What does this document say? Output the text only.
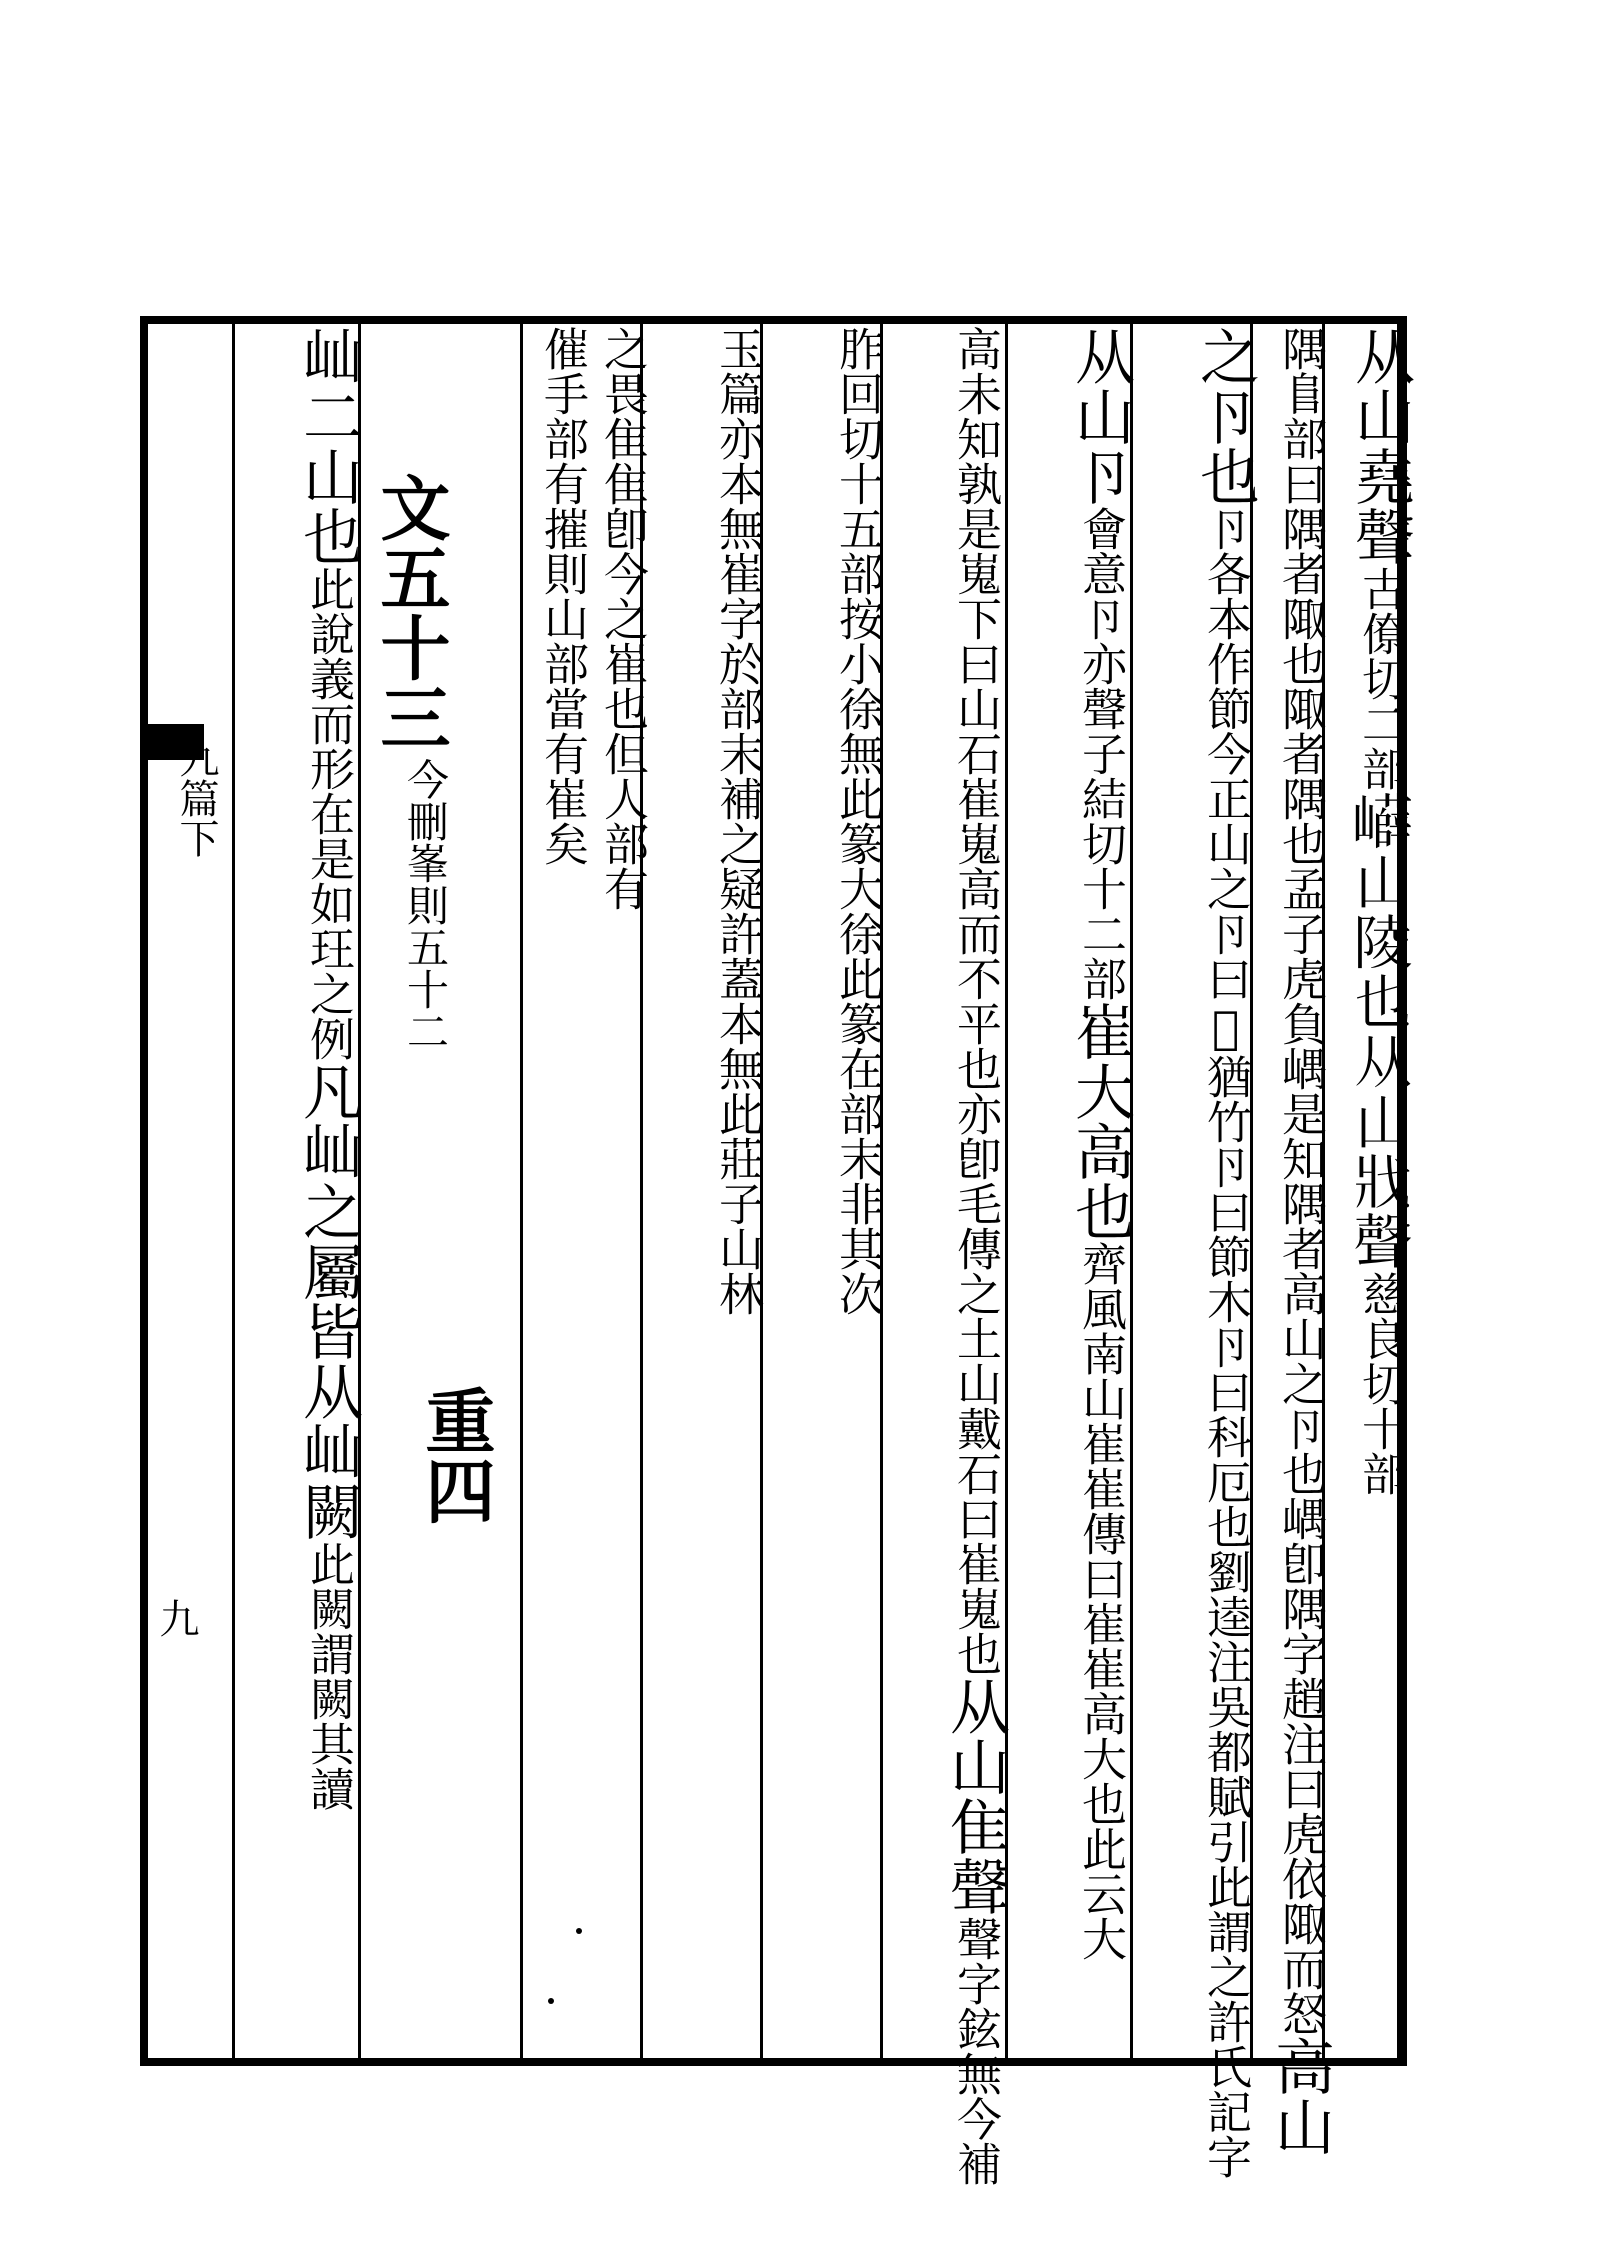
九篇下
九
从山堯聲古僚切二部𡾲山陵也从山戕聲慈良切十部
隅𨸏部曰隅者陬也陬者隅也孟子虎負嵎是知隅者高山之卪也嵎卽隅字趙注曰虎依陬而怒高山
之卪也卪各本作節今正山之卪曰𡿬猶竹卪曰節木卪曰科厄也劉逵注吳都賦引此謂之許氏記字
从山卪會意卪亦聲子結切十二部崔大高也齊風南山崔崔傳曰崔崔高大也此云大
高未知孰是嵬下曰山石崔嵬高而不平也亦卽毛傳之土山戴石曰崔嵬也从山隹聲聲字鉉無今補
胙回切十五部按小徐無此篆大徐此篆在部末非其次
玉篇亦本無崔字於部末補之疑許蓋本無此莊子山林
之畏隹隹卽今之崔也但人部有
催手部有摧則山部當有崔矣
文五十三
今刪峯則五十二
重四
屾二山也此說義而形在是如玨之例凡屾之屬皆从屾闕此闕謂闕其讀
